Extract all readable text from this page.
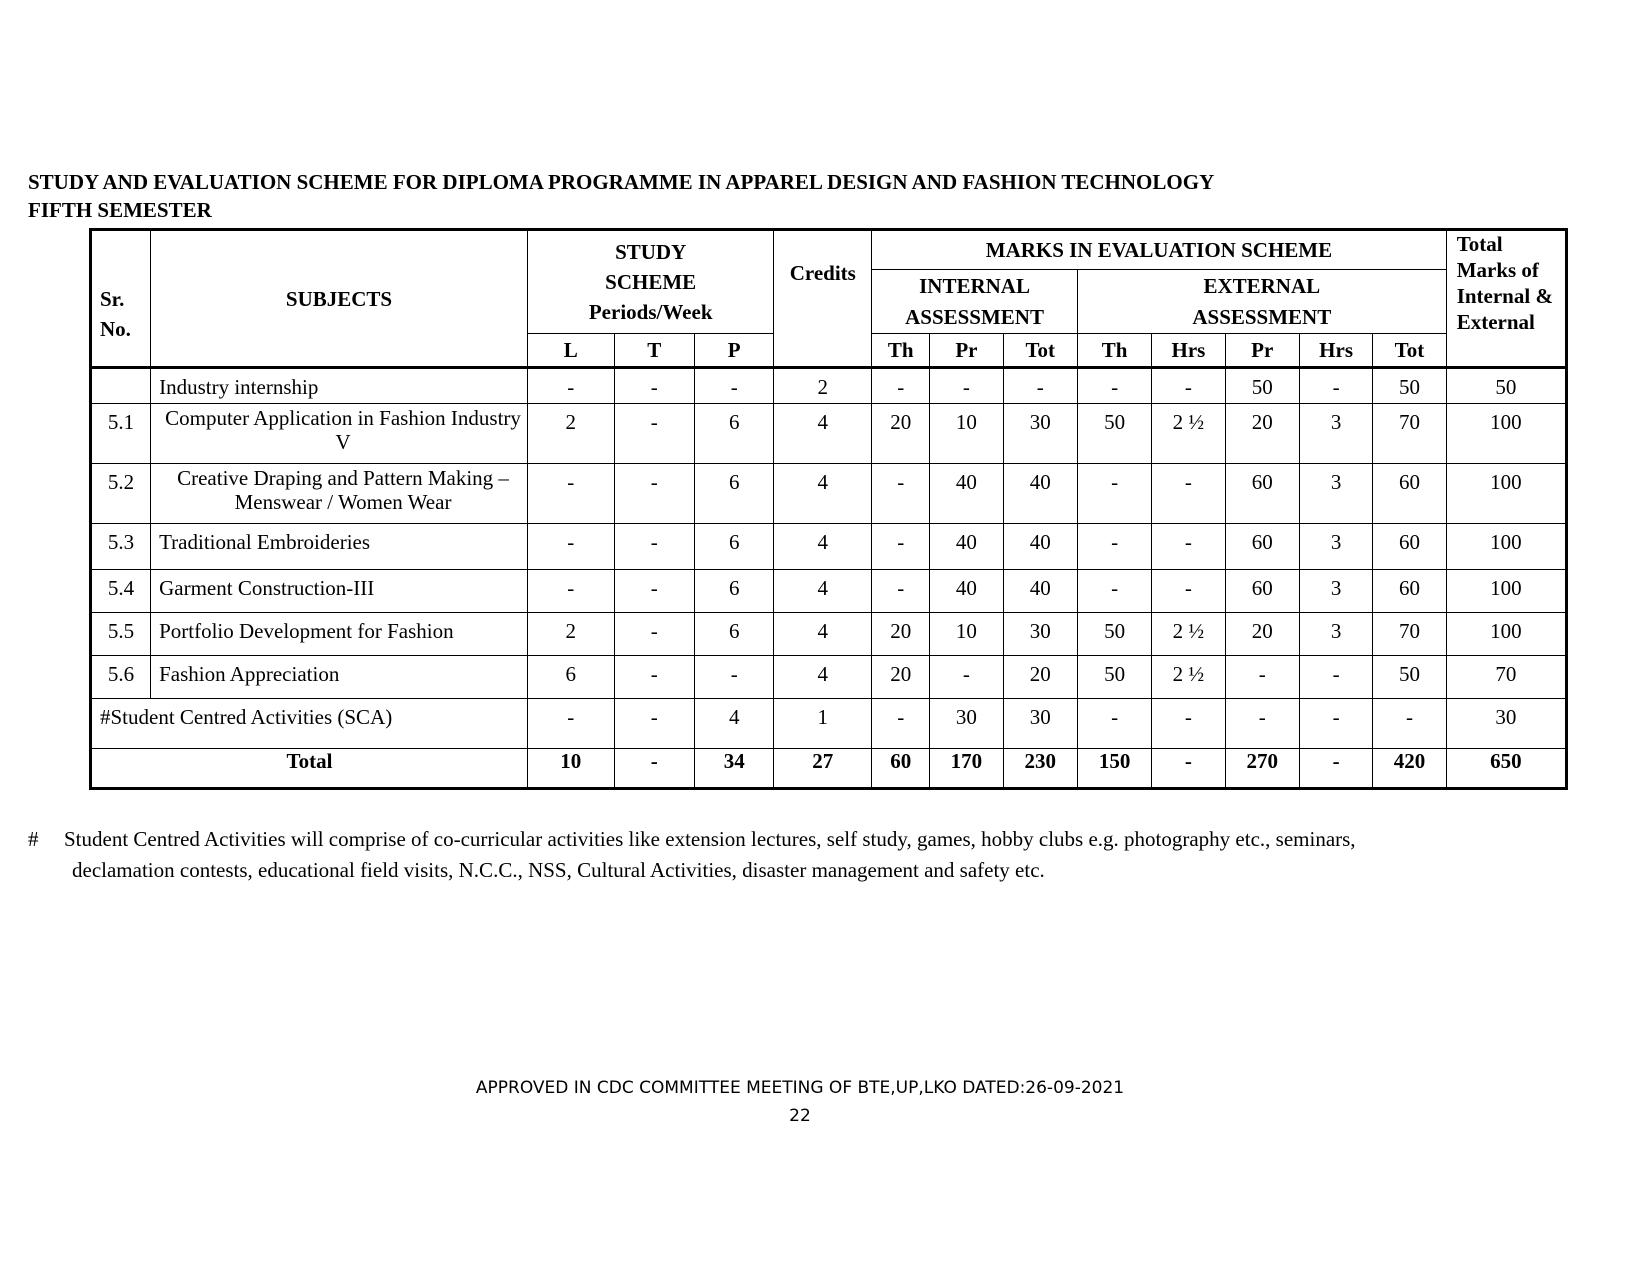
STUDY AND EVALUATION SCHEME FOR DIPLOMA PROGRAMME IN APPAREL DESIGN AND FASHION TECHNOLOGY
FIFTH SEMESTER
Sr. No.	SUBJECTS	STUDY SCHEME Periods/Week			Credits	MARKS IN EVALUATION SCHEME								Total Marks of Internal & External
						INTERNAL ASSESSMENT			EXTERNAL ASSESSMENT					
		L	T	P		Th	Pr	Tot	Th	Hrs	Pr	Hrs	Tot	
	Industry internship	-	-	-	2	-	-	-	-	-	50	-	50	50
5.1	Computer Application in Fashion Industry V	2	-	6	4	20	10	30	50	2 ½	20	3	70	100
5.2	Creative Draping and Pattern Making – Menswear / Women Wear	-	-	6	4	-	40	40	-	-	60	3	60	100
5.3	Traditional Embroideries	-	-	6	4	-	40	40	-	-	60	3	60	100
5.4	Garment Construction-III	-	-	6	4	-	40	40	-	-	60	3	60	100
5.5	Portfolio Development for Fashion	2	-	6	4	20	10	30	50	2 ½	20	3	70	100
5.6	Fashion Appreciation	6	-	-	4	20	-	20	50	2 ½	-	-	50	70
#Student Centred Activities (SCA)		-	-	4	1	-	30	30	-	-	-	-	-	30
Total		10	-	34	27	60	170	230	150	-	270	-	420	650
# Student Centred Activities will comprise of co-curricular activities like extension lectures, self study, games, hobby clubs e.g. photography etc., seminars,
declamation contests, educational field visits, N.C.C., NSS, Cultural Activities, disaster management and safety etc.
APPROVED IN CDC COMMITTEE MEETING OF BTE,UP,LKO DATED:26-09-2021
22
